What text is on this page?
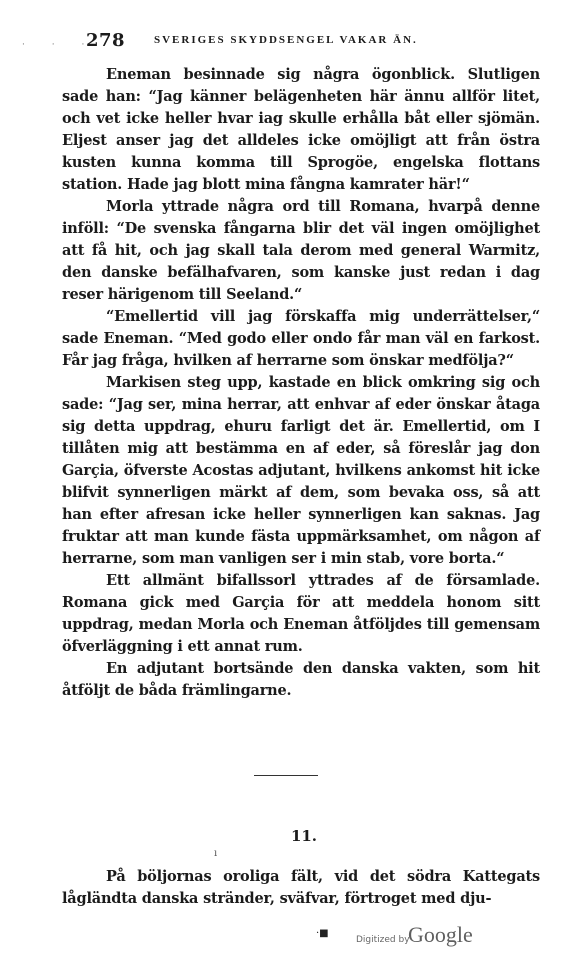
· · ·
278	SVERIGES SKYDDSENGEL VAKAR ÄN.

Eneman besinnade sig några ögonblick. Slutligen sade han: “Jag känner belägenheten här ännu allför litet, och vet icke heller hvar iag skulle erhålla båt eller sjömän. Eljest anser jag det alldeles icke omöjligt att från östra kusten kunna komma till Sprogöe, engelska flottans station. Hade jag blott mina fångna kamrater här!“

Morla yttrade några ord till Romana, hvarpå denne inföll: “De svenska fångarna blir det väl ingen omöjlighet att få hit, och jag skall tala derom med general Warmitz, den danske befälhafvaren, som kanske just redan i dag reser härigenom till Seeland.“

“Emellertid vill jag förskaffa mig underrättelser,“ sade Eneman. “Med godo eller ondo får man väl en farkost. Får jag fråga, hvilken af herrarne som önskar medfölja?“

Markisen steg upp, kastade en blick omkring sig och sade: “Jag ser, mina herrar, att enhvar af eder önskar åtaga sig detta uppdrag, ehuru farligt det är. Emellertid, om I tillåten mig att bestämma en af eder, så föreslår jag don Garçia, öfverste Acostas adjutant, hvilkens ankomst hit icke blifvit synnerligen märkt af dem, som bevaka oss, så att han efter afresan icke heller synnerligen kan saknas. Jag fruktar att man kunde fästa uppmärksamhet, om någon af herrarne, som man vanligen ser i min stab, vore borta.“

Ett allmänt bifallssorl yttrades af de församlade. Romana gick med Garçia för att meddela honom sitt uppdrag, medan Morla och Eneman åtföljdes till gemensam öfverläggning i ett annat rum.

En adjutant bortsände den danska vakten, som hit åtföljt de båda främlingarne.

11.
ı

På böljornas oroliga fält, vid det södra Kattegats lågländta danska stränder, sväfvar, förtroget med dju-

·■
Digitized by
Google
